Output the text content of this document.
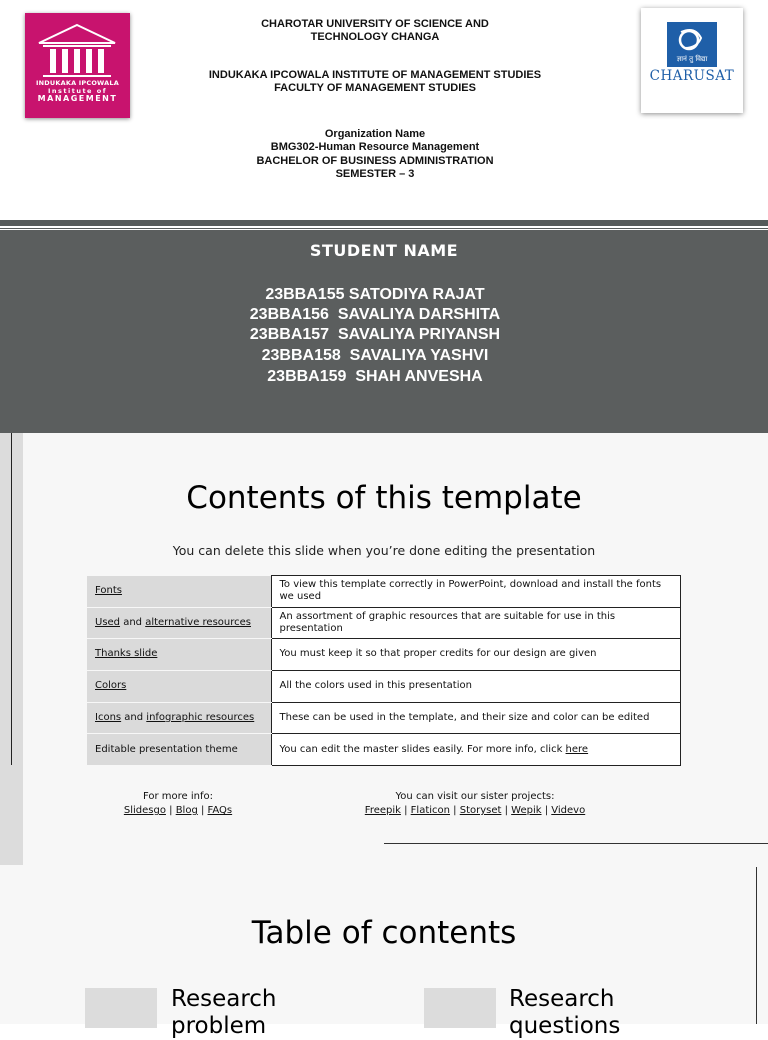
INDUKAKA IPCOWALA
Institute of
MANAGEMENT
ज्ञानं तु विद्या
CHARUSAT
CHAROTAR UNIVERSITY OF SCIENCE AND
TECHNOLOGY CHANGA
INDUKAKA IPCOWALA INSTITUTE OF MANAGEMENT STUDIES
FACULTY OF MANAGEMENT STUDIES
Organization Name
BMG302-Human Resource Management
BACHELOR OF BUSINESS ADMINISTRATION
SEMESTER – 3
STUDENT NAME
23BBA155 SATODIYA RAJAT
23BBA156  SAVALIYA DARSHITA
23BBA157  SAVALIYA PRIYANSH
23BBA158  SAVALIYA YASHVI
23BBA159  SHAH ANVESHA
Contents of this template
You can delete this slide when you’re done editing the presentation
Fonts	To view this template correctly in PowerPoint, download and install the fonts we used
Used and alternative resources	An assortment of graphic resources that are suitable for use in this presentation
Thanks slide	You must keep it so that proper credits for our design are given
Colors	All the colors used in this presentation
Icons and infographic resources	These can be used in the template, and their size and color can be edited
Editable presentation theme	You can edit the master slides easily. For more info, click here
For more info:
Slidesgo | Blog | FAQs
You can visit our sister projects:
Freepik | Flaticon | Storyset | Wepik | Videvo
Table of contents
Research
problem
Research
questions
